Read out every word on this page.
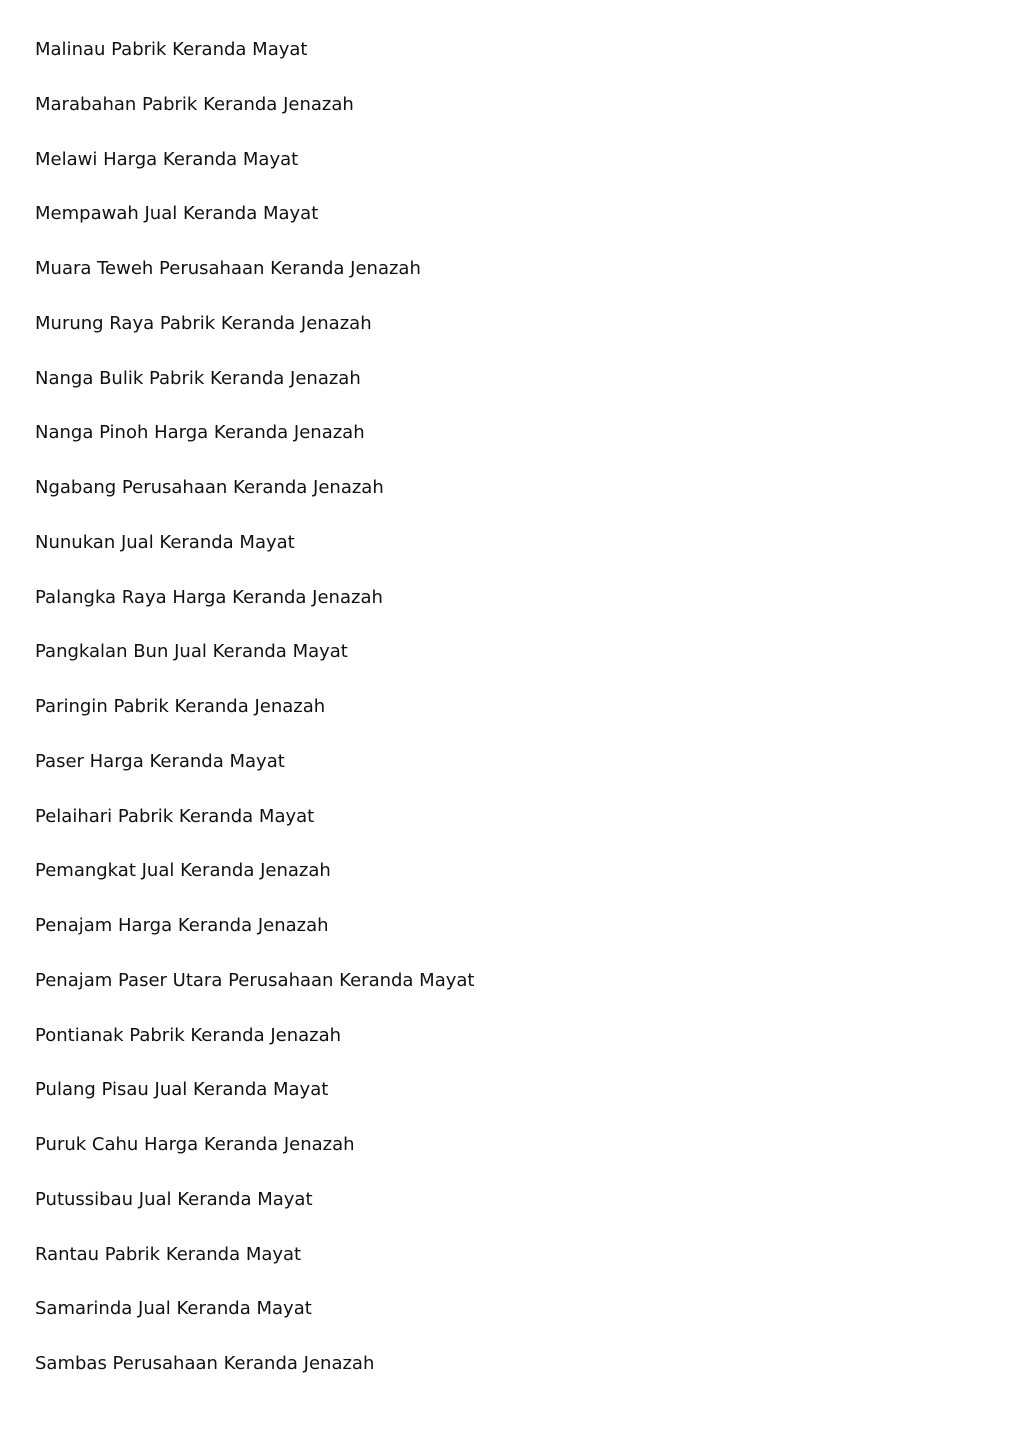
Malinau Pabrik Keranda Mayat
Marabahan Pabrik Keranda Jenazah
Melawi Harga Keranda Mayat
Mempawah Jual Keranda Mayat
Muara Teweh Perusahaan Keranda Jenazah
Murung Raya Pabrik Keranda Jenazah
Nanga Bulik Pabrik Keranda Jenazah
Nanga Pinoh Harga Keranda Jenazah
Ngabang Perusahaan Keranda Jenazah
Nunukan Jual Keranda Mayat
Palangka Raya Harga Keranda Jenazah
Pangkalan Bun Jual Keranda Mayat
Paringin Pabrik Keranda Jenazah
Paser Harga Keranda Mayat
Pelaihari Pabrik Keranda Mayat
Pemangkat Jual Keranda Jenazah
Penajam Harga Keranda Jenazah
Penajam Paser Utara Perusahaan Keranda Mayat
Pontianak Pabrik Keranda Jenazah
Pulang Pisau Jual Keranda Mayat
Puruk Cahu Harga Keranda Jenazah
Putussibau Jual Keranda Mayat
Rantau Pabrik Keranda Mayat
Samarinda Jual Keranda Mayat
Sambas Perusahaan Keranda Jenazah
